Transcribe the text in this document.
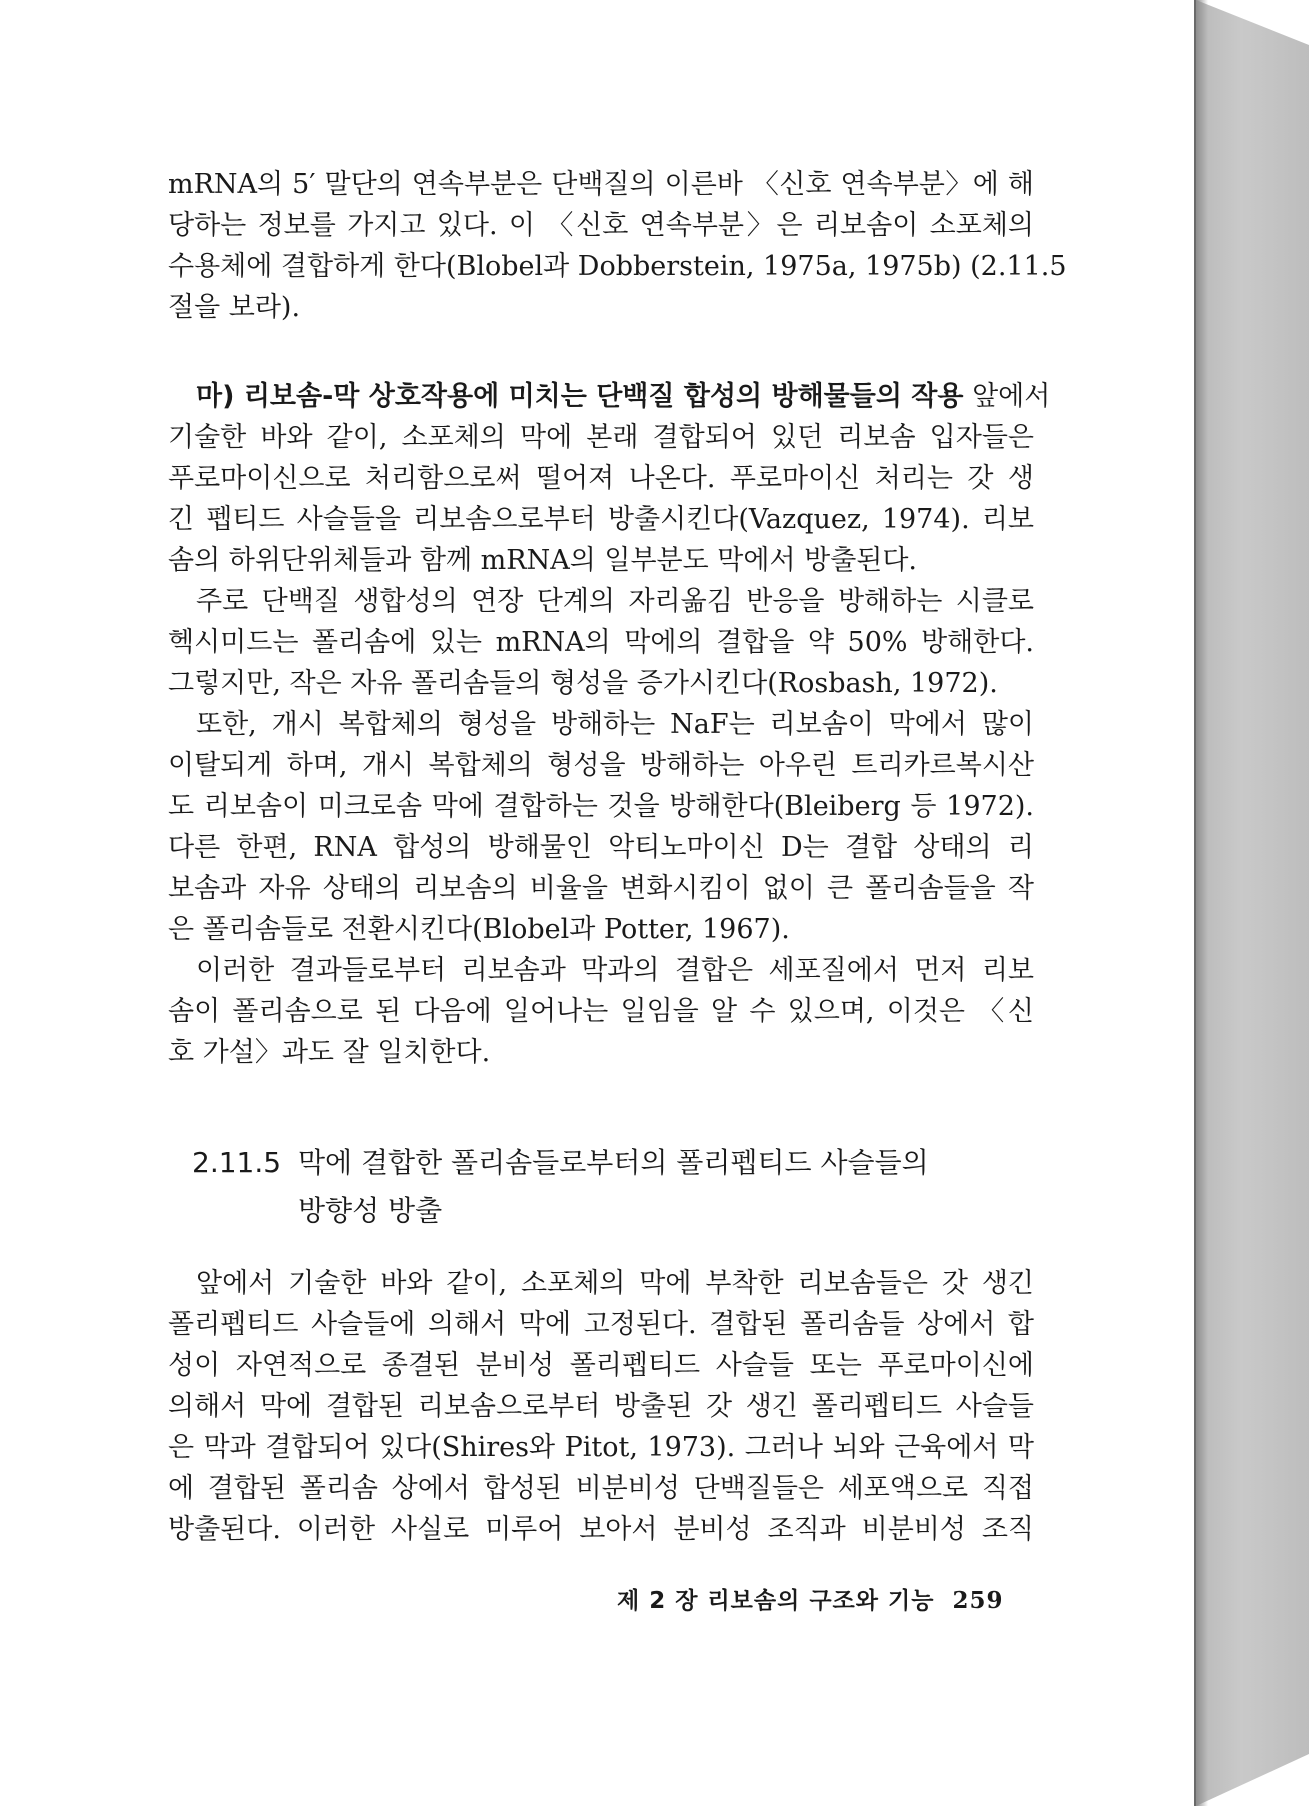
mRNA의 5′ 말단의 연속부분은 단백질의 이른바 〈신호 연속부분〉에 해
당하는 정보를 가지고 있다. 이 〈신호 연속부분〉은 리보솜이 소포체의
수용체에 결합하게 한다(Blobel과 Dobberstein, 1975a, 1975b) (2.11.5
절을 보라).
마) 리보솜-막 상호작용에 미치는 단백질 합성의 방해물들의 작용 앞에서
기술한 바와 같이, 소포체의 막에 본래 결합되어 있던 리보솜 입자들은
푸로마이신으로 처리함으로써 떨어져 나온다. 푸로마이신 처리는 갓 생
긴 펩티드 사슬들을 리보솜으로부터 방출시킨다(Vazquez, 1974). 리보
솜의 하위단위체들과 함께 mRNA의 일부분도 막에서 방출된다.
주로 단백질 생합성의 연장 단계의 자리옮김 반응을 방해하는 시클로
헥시미드는 폴리솜에 있는 mRNA의 막에의 결합을 약 50% 방해한다.
그렇지만, 작은 자유 폴리솜들의 형성을 증가시킨다(Rosbash, 1972).
또한, 개시 복합체의 형성을 방해하는 NaF는 리보솜이 막에서 많이
이탈되게 하며, 개시 복합체의 형성을 방해하는 아우린 트리카르복시산
도 리보솜이 미크로솜 막에 결합하는 것을 방해한다(Bleiberg 등 1972).
다른 한편, RNA 합성의 방해물인 악티노마이신 D는 결합 상태의 리
보솜과 자유 상태의 리보솜의 비율을 변화시킴이 없이 큰 폴리솜들을 작
은 폴리솜들로 전환시킨다(Blobel과 Potter, 1967).
이러한 결과들로부터 리보솜과 막과의 결합은 세포질에서 먼저 리보
솜이 폴리솜으로 된 다음에 일어나는 일임을 알 수 있으며, 이것은 〈신
호 가설〉과도 잘 일치한다.
2.11.5 막에 결합한 폴리솜들로부터의 폴리펩티드 사슬들의
방향성 방출
앞에서 기술한 바와 같이, 소포체의 막에 부착한 리보솜들은 갓 생긴
폴리펩티드 사슬들에 의해서 막에 고정된다. 결합된 폴리솜들 상에서 합
성이 자연적으로 종결된 분비성 폴리펩티드 사슬들 또는 푸로마이신에
의해서 막에 결합된 리보솜으로부터 방출된 갓 생긴 폴리펩티드 사슬들
은 막과 결합되어 있다(Shires와 Pitot, 1973). 그러나 뇌와 근육에서 막
에 결합된 폴리솜 상에서 합성된 비분비성 단백질들은 세포액으로 직접
방출된다. 이러한 사실로 미루어 보아서 분비성 조직과 비분비성 조직
제 2 장 리보솜의 구조와 기능 259
